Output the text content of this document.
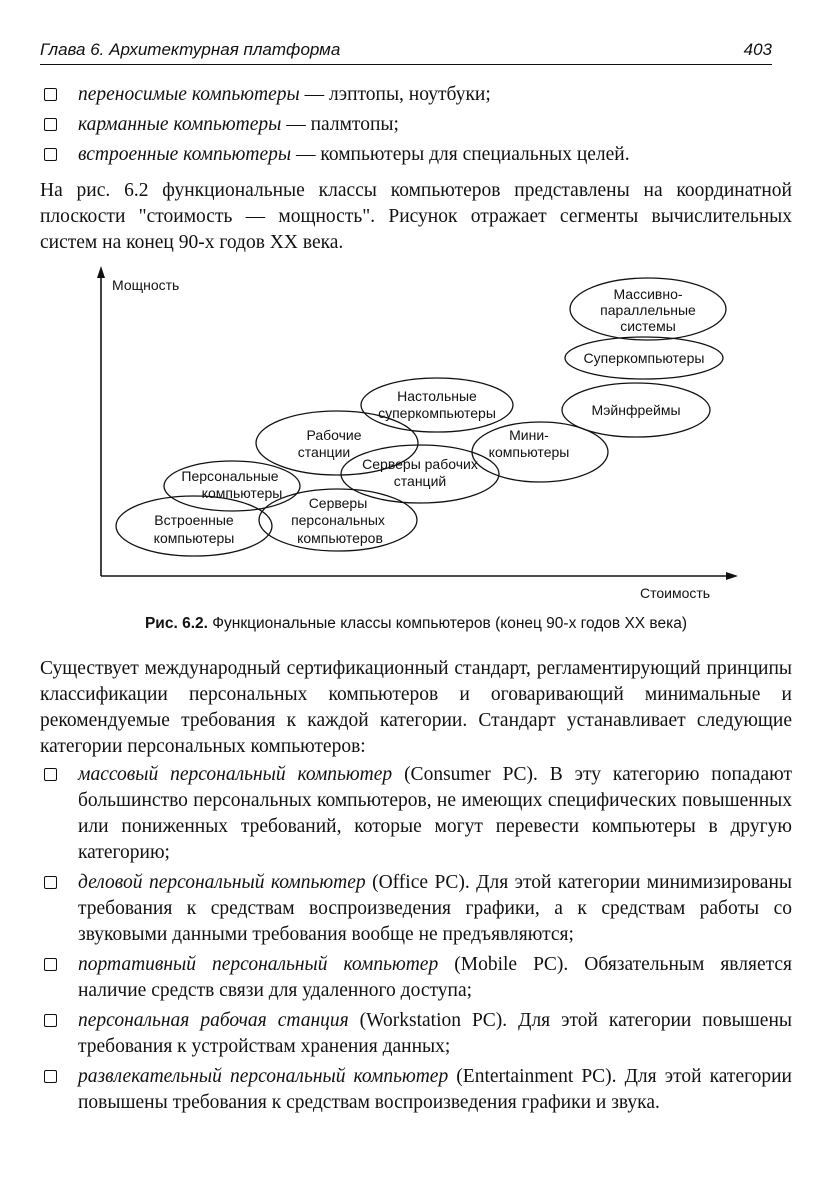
Глава 6. Архитектурная платформа	403
переносимые компьютеры — лэптопы, ноутбуки;
карманные компьютеры — палмтопы;
встроенные компьютеры — компьютеры для специальных целей.
На рис. 6.2 функциональные классы компьютеров представлены на координатной плоскости "стоимость — мощность". Рисунок отражает сегменты вычислительных систем на конец 90-х годов XX века.
Мощность
Стоимость
Массивно-
параллельные
системы
Суперкомпьютеры
Мэйнфреймы
Настольные
суперкомпьютеры
Мини-
компьютеры
Рабочие
станции
Серверы рабочих
станций
Персональные
компьютеры
Серверы
персональных
компьютеров
Встроенные
компьютеры
Рис. 6.2. Функциональные классы компьютеров (конец 90-х годов XX века)
Существует международный сертификационный стандарт, регламентирующий принципы классификации персональных компьютеров и оговаривающий минимальные и рекомендуемые требования к каждой категории. Стандарт устанавливает следующие категории персональных компьютеров:
массовый персональный компьютер (Consumer PC). В эту категорию попадают большинство персональных компьютеров, не имеющих специфических повышенных или пониженных требований, которые могут перевести компьютеры в другую категорию;
деловой персональный компьютер (Office PC). Для этой категории минимизированы требования к средствам воспроизведения графики, а к средствам работы со звуковыми данными требования вообще не предъявляются;
портативный персональный компьютер (Mobile PC). Обязательным является наличие средств связи для удаленного доступа;
персональная рабочая станция (Workstation PC). Для этой категории повышены требования к устройствам хранения данных;
развлекательный персональный компьютер (Entertainment PC). Для этой категории повышены требования к средствам воспроизведения графики и звука.
